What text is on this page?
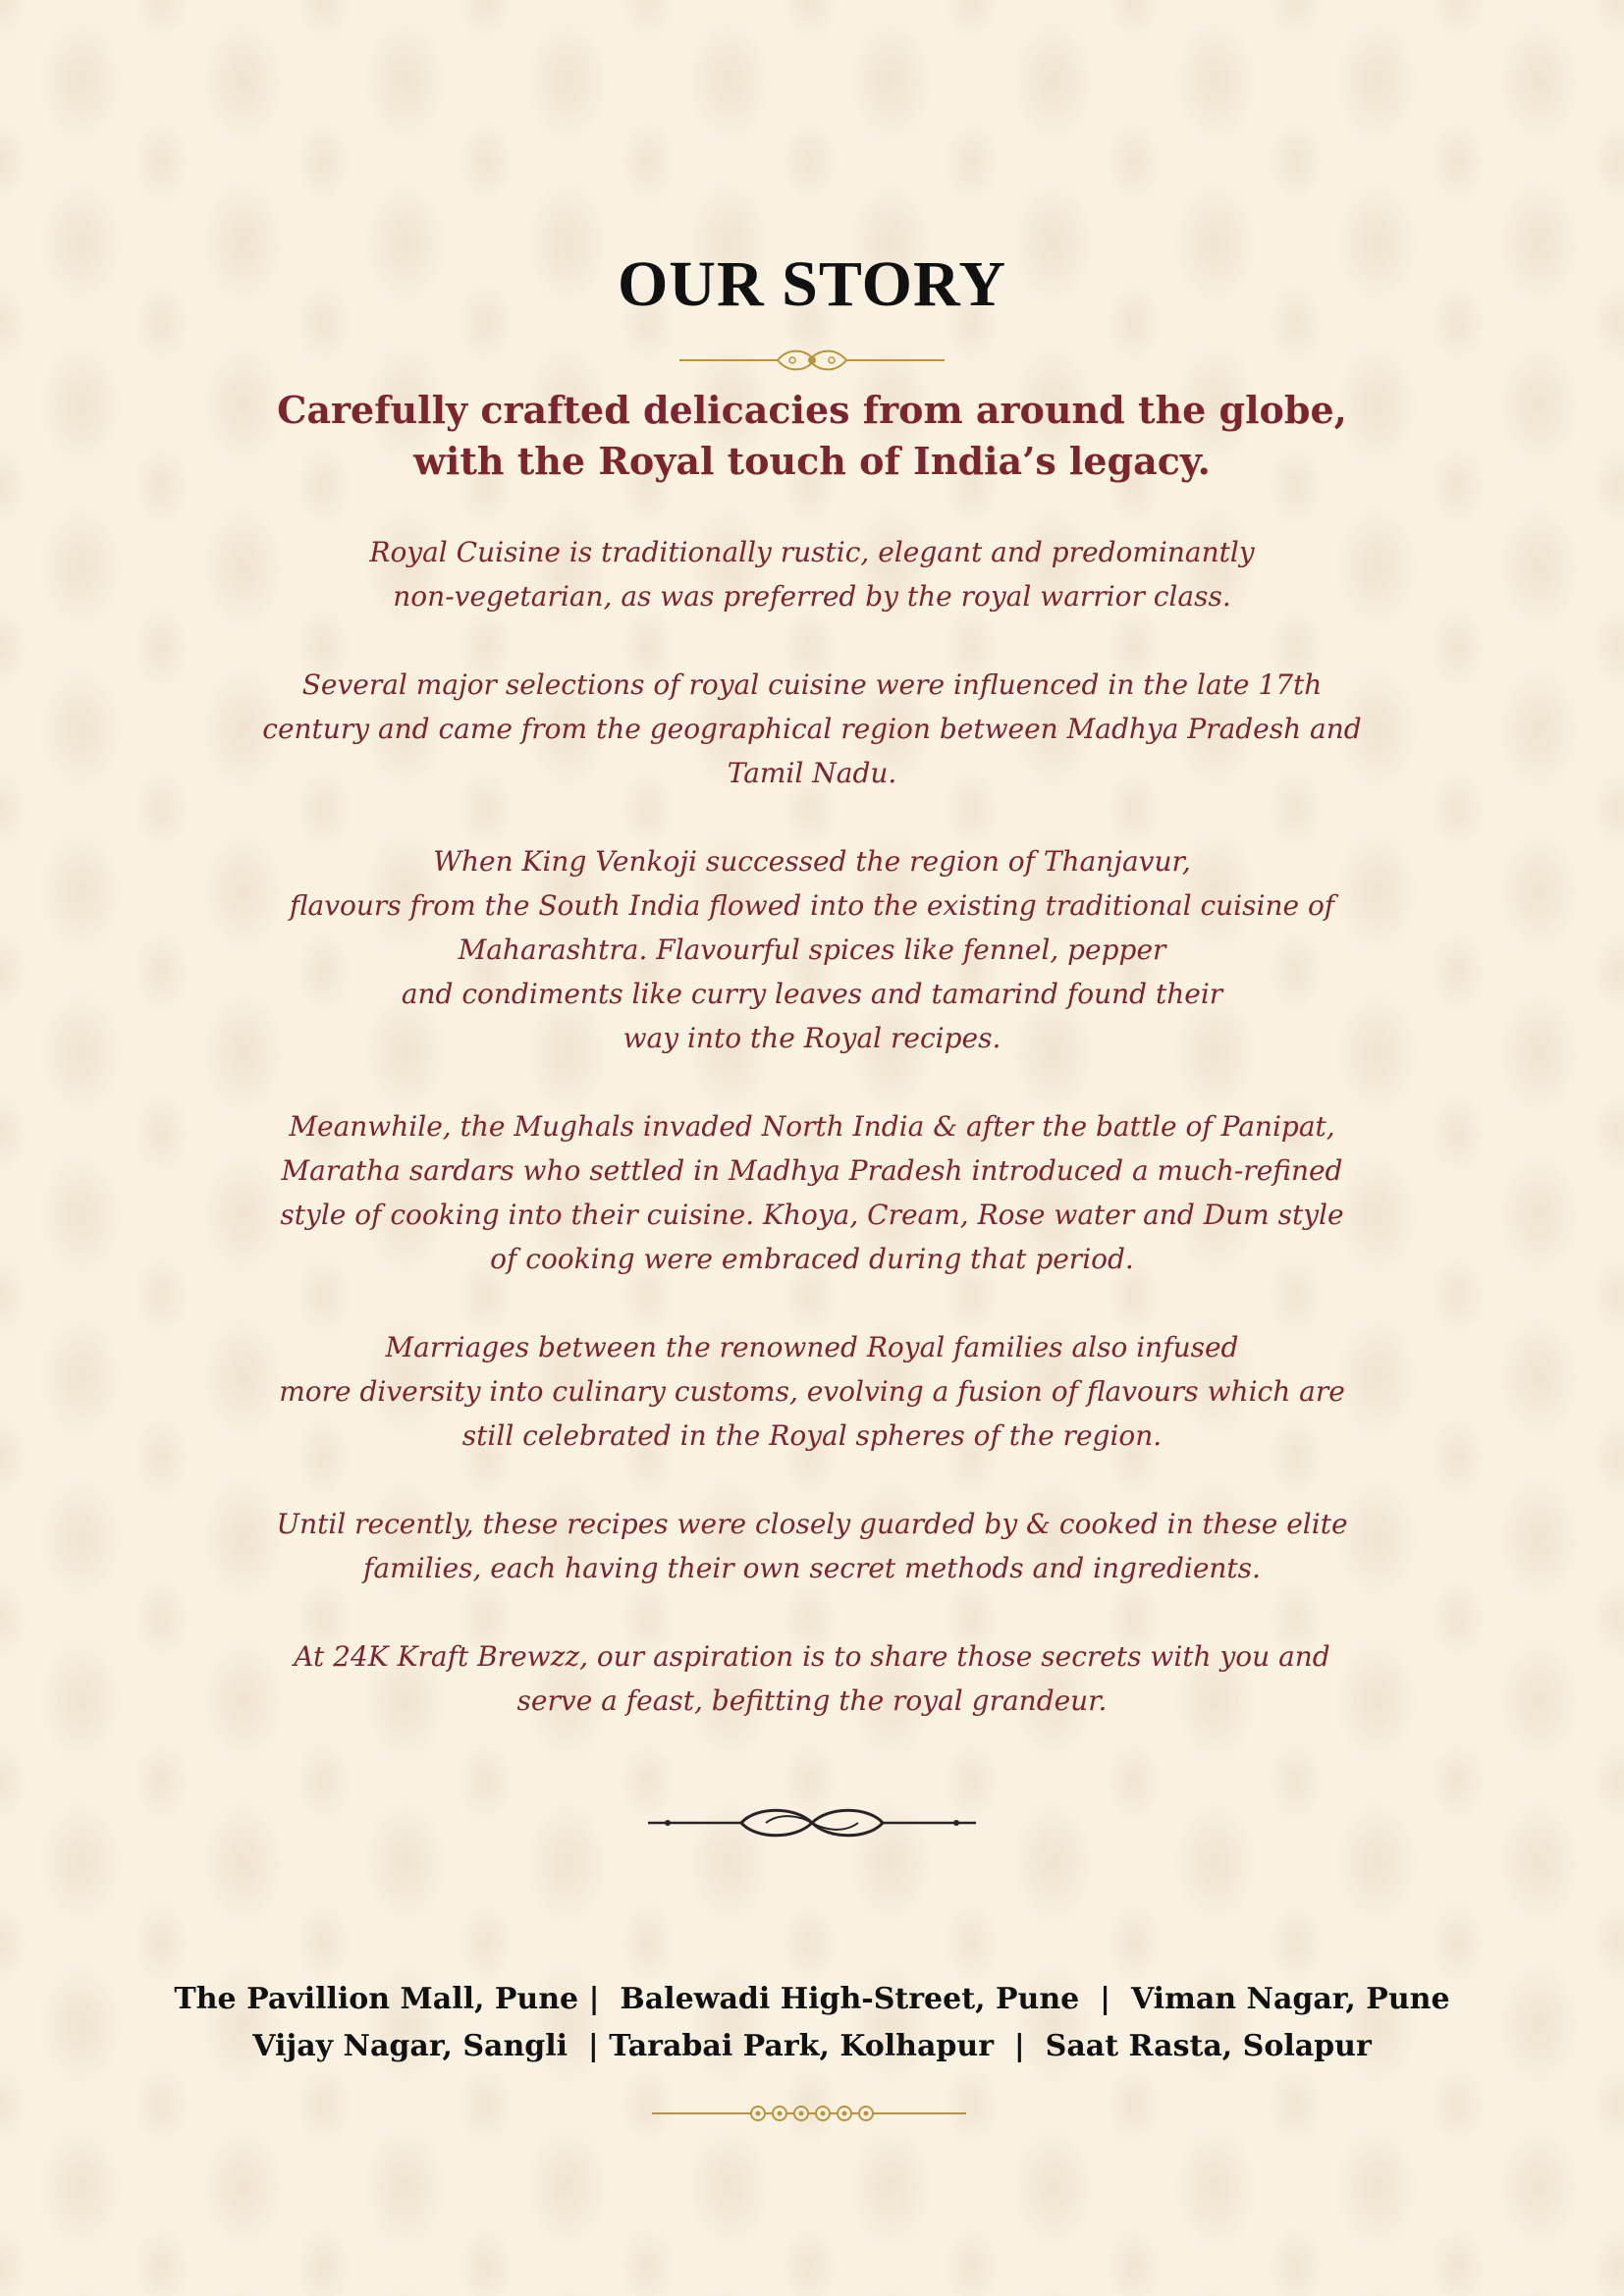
OUR STORY
Carefully crafted delicacies from around the globe,
with the Royal touch of India’s legacy.

Royal Cuisine is traditionally rustic, elegant and predominantly
non-vegetarian, as was preferred by the royal warrior class.

Several major selections of royal cuisine were influenced in the late 17th
century and came from the geographical region between Madhya Pradesh and
Tamil Nadu.

When King Venkoji successed the region of Thanjavur,
flavours from the South India flowed into the existing traditional cuisine of
Maharashtra. Flavourful spices like fennel, pepper
and condiments like curry leaves and tamarind found their
way into the Royal recipes.

Meanwhile, the Mughals invaded North India & after the battle of Panipat,
Maratha sardars who settled in Madhya Pradesh introduced a much-refined
style of cooking into their cuisine. Khoya, Cream, Rose water and Dum style
of cooking were embraced during that period.

Marriages between the renowned Royal families also infused
more diversity into culinary customs, evolving a fusion of flavours which are
still celebrated in the Royal spheres of the region.

Until recently, these recipes were closely guarded by & cooked in these elite
families, each having their own secret methods and ingredients.

At 24K Kraft Brewzz, our aspiration is to share those secrets with you and
serve a feast, befitting the royal grandeur.

The Pavillion Mall, Pune |  Balewadi High-Street, Pune  |  Viman Nagar, Pune
Vijay Nagar, Sangli  | Tarabai Park, Kolhapur  |  Saat Rasta, Solapur
